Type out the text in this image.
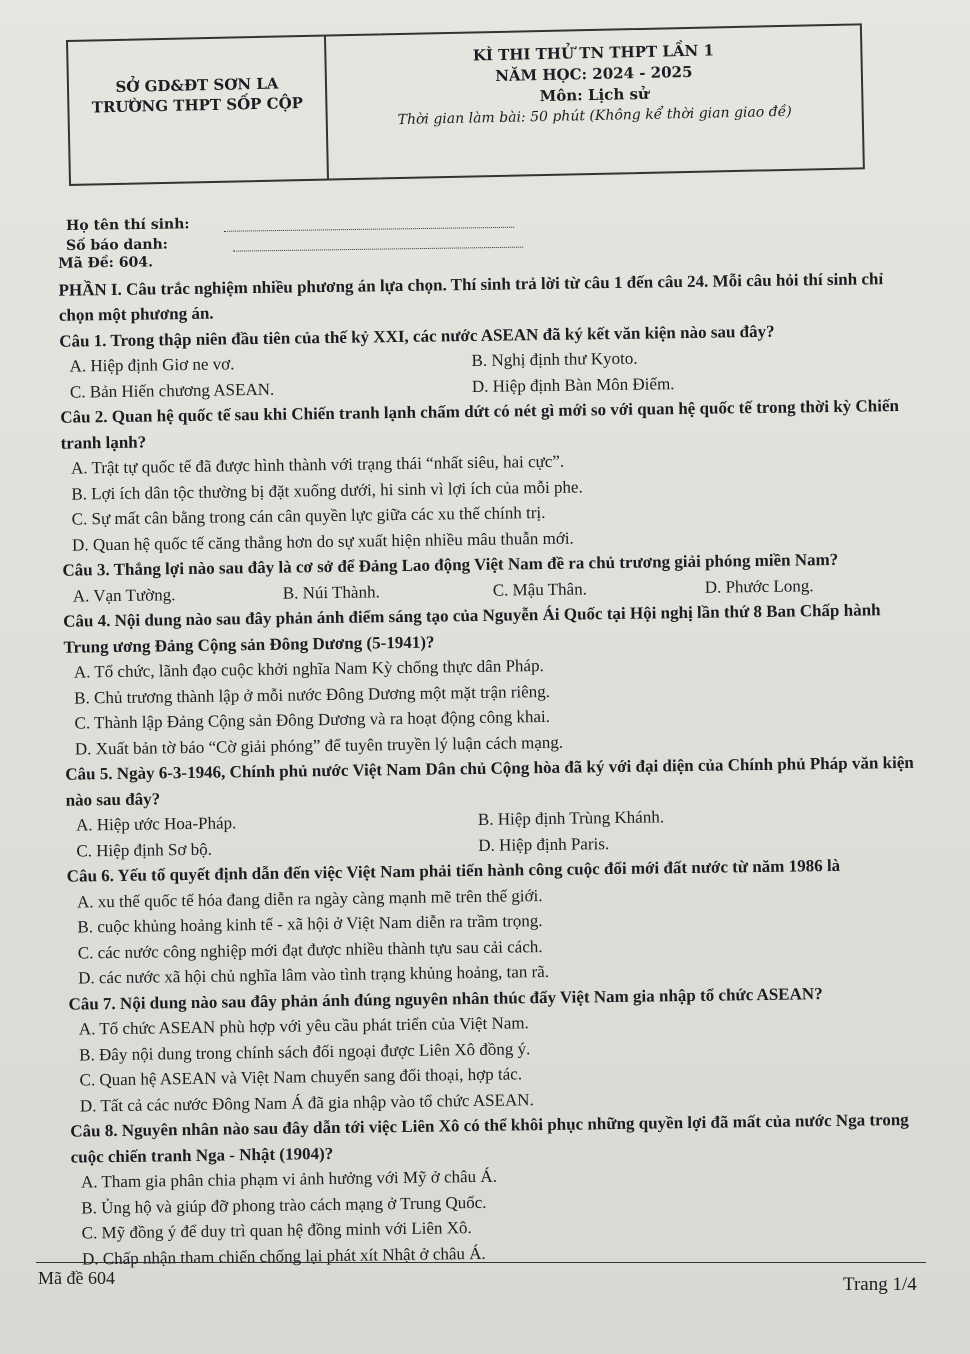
SỞ GD&ĐT SƠN LA
TRƯỜNG THPT SỐP CỘP
KÌ THI THỬ TN THPT LẦN 1
NĂM HỌC: 2024 - 2025
Môn: Lịch sử
Thời gian làm bài: 50 phút (Không kể thời gian giao đề)
Họ tên thí sinh:
Số báo danh:
Mã Đề: 604.

PHẦN I. Câu trắc nghiệm nhiều phương án lựa chọn. Thí sinh trả lời từ câu 1 đến câu 24. Mỗi câu hỏi thí sinh chỉ chọn một phương án.

Câu 1. Trong thập niên đầu tiên của thế kỷ XXI, các nước ASEAN đã ký kết văn kiện nào sau đây?

A. Hiệp định Giơ ne vơ.	B. Nghị định thư Kyoto.
C. Bản Hiến chương ASEAN.	D. Hiệp định Bàn Môn Điếm.

Câu 2. Quan hệ quốc tế sau khi Chiến tranh lạnh chấm dứt có nét gì mới so với quan hệ quốc tế trong thời kỳ Chiến tranh lạnh?

A. Trật tự quốc tế đã được hình thành với trạng thái “nhất siêu, hai cực”.
B. Lợi ích dân tộc thường bị đặt xuống dưới, hi sinh vì lợi ích của mỗi phe.
C. Sự mất cân bằng trong cán cân quyền lực giữa các xu thế chính trị.
D. Quan hệ quốc tế căng thẳng hơn do sự xuất hiện nhiều mâu thuẫn mới.

Câu 3. Thắng lợi nào sau đây là cơ sở để Đảng Lao động Việt Nam đề ra chủ trương giải phóng miền Nam?

A. Vạn Tường.	B. Núi Thành.	C. Mậu Thân.	D. Phước Long.

Câu 4. Nội dung nào sau đây phản ánh điểm sáng tạo của Nguyễn Ái Quốc tại Hội nghị lần thứ 8 Ban Chấp hành Trung ương Đảng Cộng sản Đông Dương (5-1941)?

A. Tổ chức, lãnh đạo cuộc khởi nghĩa Nam Kỳ chống thực dân Pháp.
B. Chủ trương thành lập ở mỗi nước Đông Dương một mặt trận riêng.
C. Thành lập Đảng Cộng sản Đông Dương và ra hoạt động công khai.
D. Xuất bản tờ báo “Cờ giải phóng” để tuyên truyền lý luận cách mạng.

Câu 5. Ngày 6-3-1946, Chính phủ nước Việt Nam Dân chủ Cộng hòa đã ký với đại diện của Chính phủ Pháp văn kiện nào sau đây?

A. Hiệp ước Hoa-Pháp.	B. Hiệp định Trùng Khánh.
C. Hiệp định Sơ bộ.	D. Hiệp định Paris.

Câu 6. Yếu tố quyết định dẫn đến việc Việt Nam phải tiến hành công cuộc đổi mới đất nước từ năm 1986 là

A. xu thế quốc tế hóa đang diễn ra ngày càng mạnh mẽ trên thế giới.
B. cuộc khủng hoảng kinh tế - xã hội ở Việt Nam diễn ra trầm trọng.
C. các nước công nghiệp mới đạt được nhiều thành tựu sau cải cách.
D. các nước xã hội chủ nghĩa lâm vào tình trạng khủng hoảng, tan rã.

Câu 7. Nội dung nào sau đây phản ánh đúng nguyên nhân thúc đẩy Việt Nam gia nhập tổ chức ASEAN?

A. Tổ chức ASEAN phù hợp với yêu cầu phát triển của Việt Nam.
B. Đây nội dung trong chính sách đối ngoại được Liên Xô đồng ý.
C. Quan hệ ASEAN và Việt Nam chuyển sang đối thoại, hợp tác.
D. Tất cả các nước Đông Nam Á đã gia nhập vào tổ chức ASEAN.

Câu 8. Nguyên nhân nào sau đây dẫn tới việc Liên Xô có thể khôi phục những quyền lợi đã mất của nước Nga trong cuộc chiến tranh Nga - Nhật (1904)?

A. Tham gia phân chia phạm vi ảnh hưởng với Mỹ ở châu Á.
B. Ủng hộ và giúp đỡ phong trào cách mạng ở Trung Quốc.
C. Mỹ đồng ý để duy trì quan hệ đồng minh với Liên Xô.
D. Chấp nhận tham chiến chống lại phát xít Nhật ở châu Á.
Mã đề 604	Trang 1/4
